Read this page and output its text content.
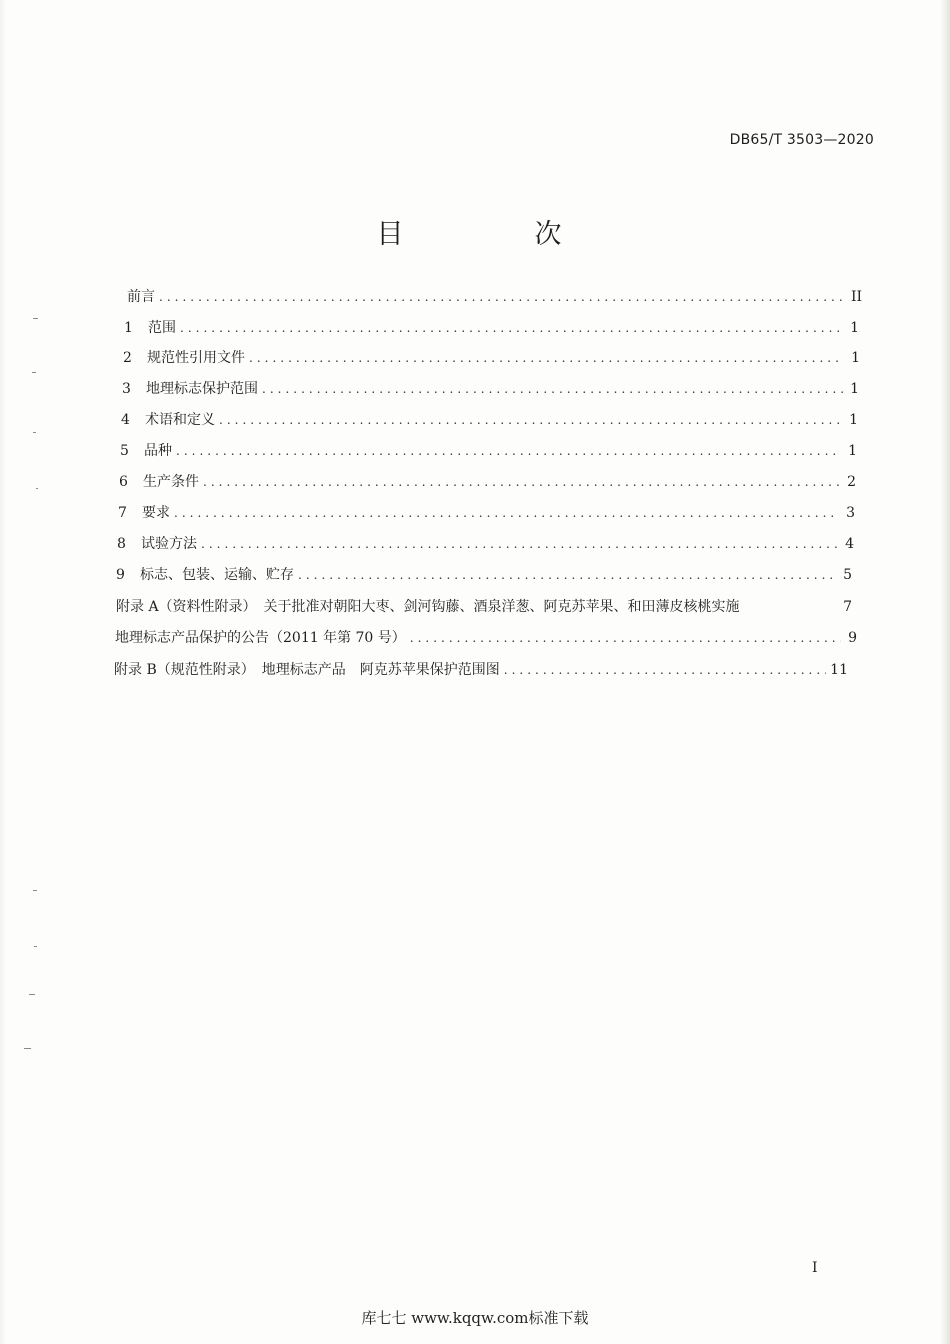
DB65/T 3503—2020
目　次
前言 .....	II
1	范围 .....	1
2	规范性引用文件 .....	1
3	地理标志保护范围 .....	1
4	术语和定义 .....	1
5	品种 .....	1
6	生产条件 .....	2
7	要求 .....	3
8	试验方法 .....	4
9	标志、包装、运输、贮存 .....	5
附录 A（资料性附录）　关于批准对朝阳大枣、剑河钩藤、酒泉洋葱、阿克苏苹果、和田薄皮核桃实施	7
地理标志产品保护的公告（2011 年第 70 号） .....	9
附录 B（规范性附录）　地理标志产品　阿克苏苹果保护范围图 .....	11
I
库七七 www.kqqw.com标准下载
